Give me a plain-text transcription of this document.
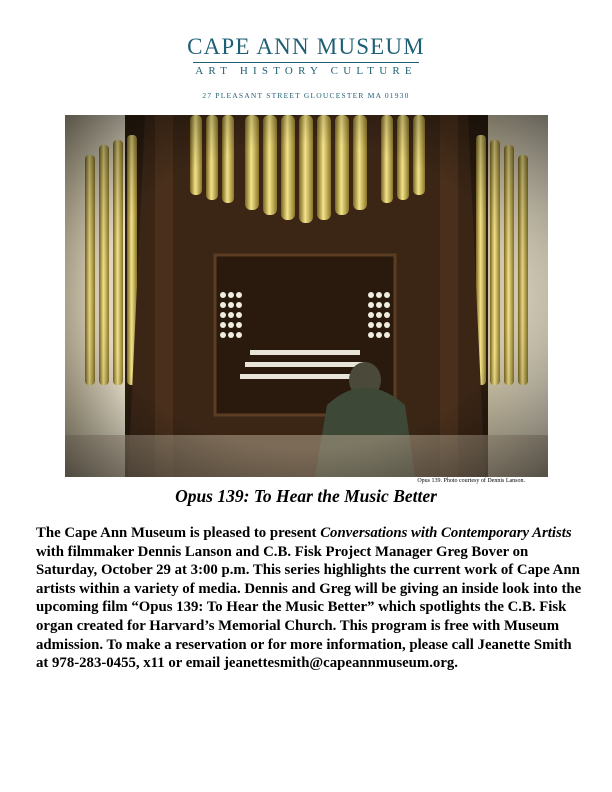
CAPE ANN MUSEUM
ART HISTORY CULTURE
27 PLEASANT STREET GLOUCESTER MA 01930
Opus 139. Photo courtesy of Dennis Lanson.
Opus 139: To Hear the Music Better
The Cape Ann Museum is pleased to present Conversations with Contemporary Artists with filmmaker Dennis Lanson and C.B. Fisk Project Manager Greg Bover on Saturday, October 29 at 3:00 p.m. This series highlights the current work of Cape Ann artists within a variety of media. Dennis and Greg will be giving an inside look into the upcoming film “Opus 139: To Hear the Music Better” which spotlights the C.B. Fisk organ created for Harvard’s Memorial Church. This program is free with Museum admission. To make a reservation or for more information, please call Jeanette Smith at 978-283-0455, x11 or email jeanettesmith@capeannmuseum.org.
